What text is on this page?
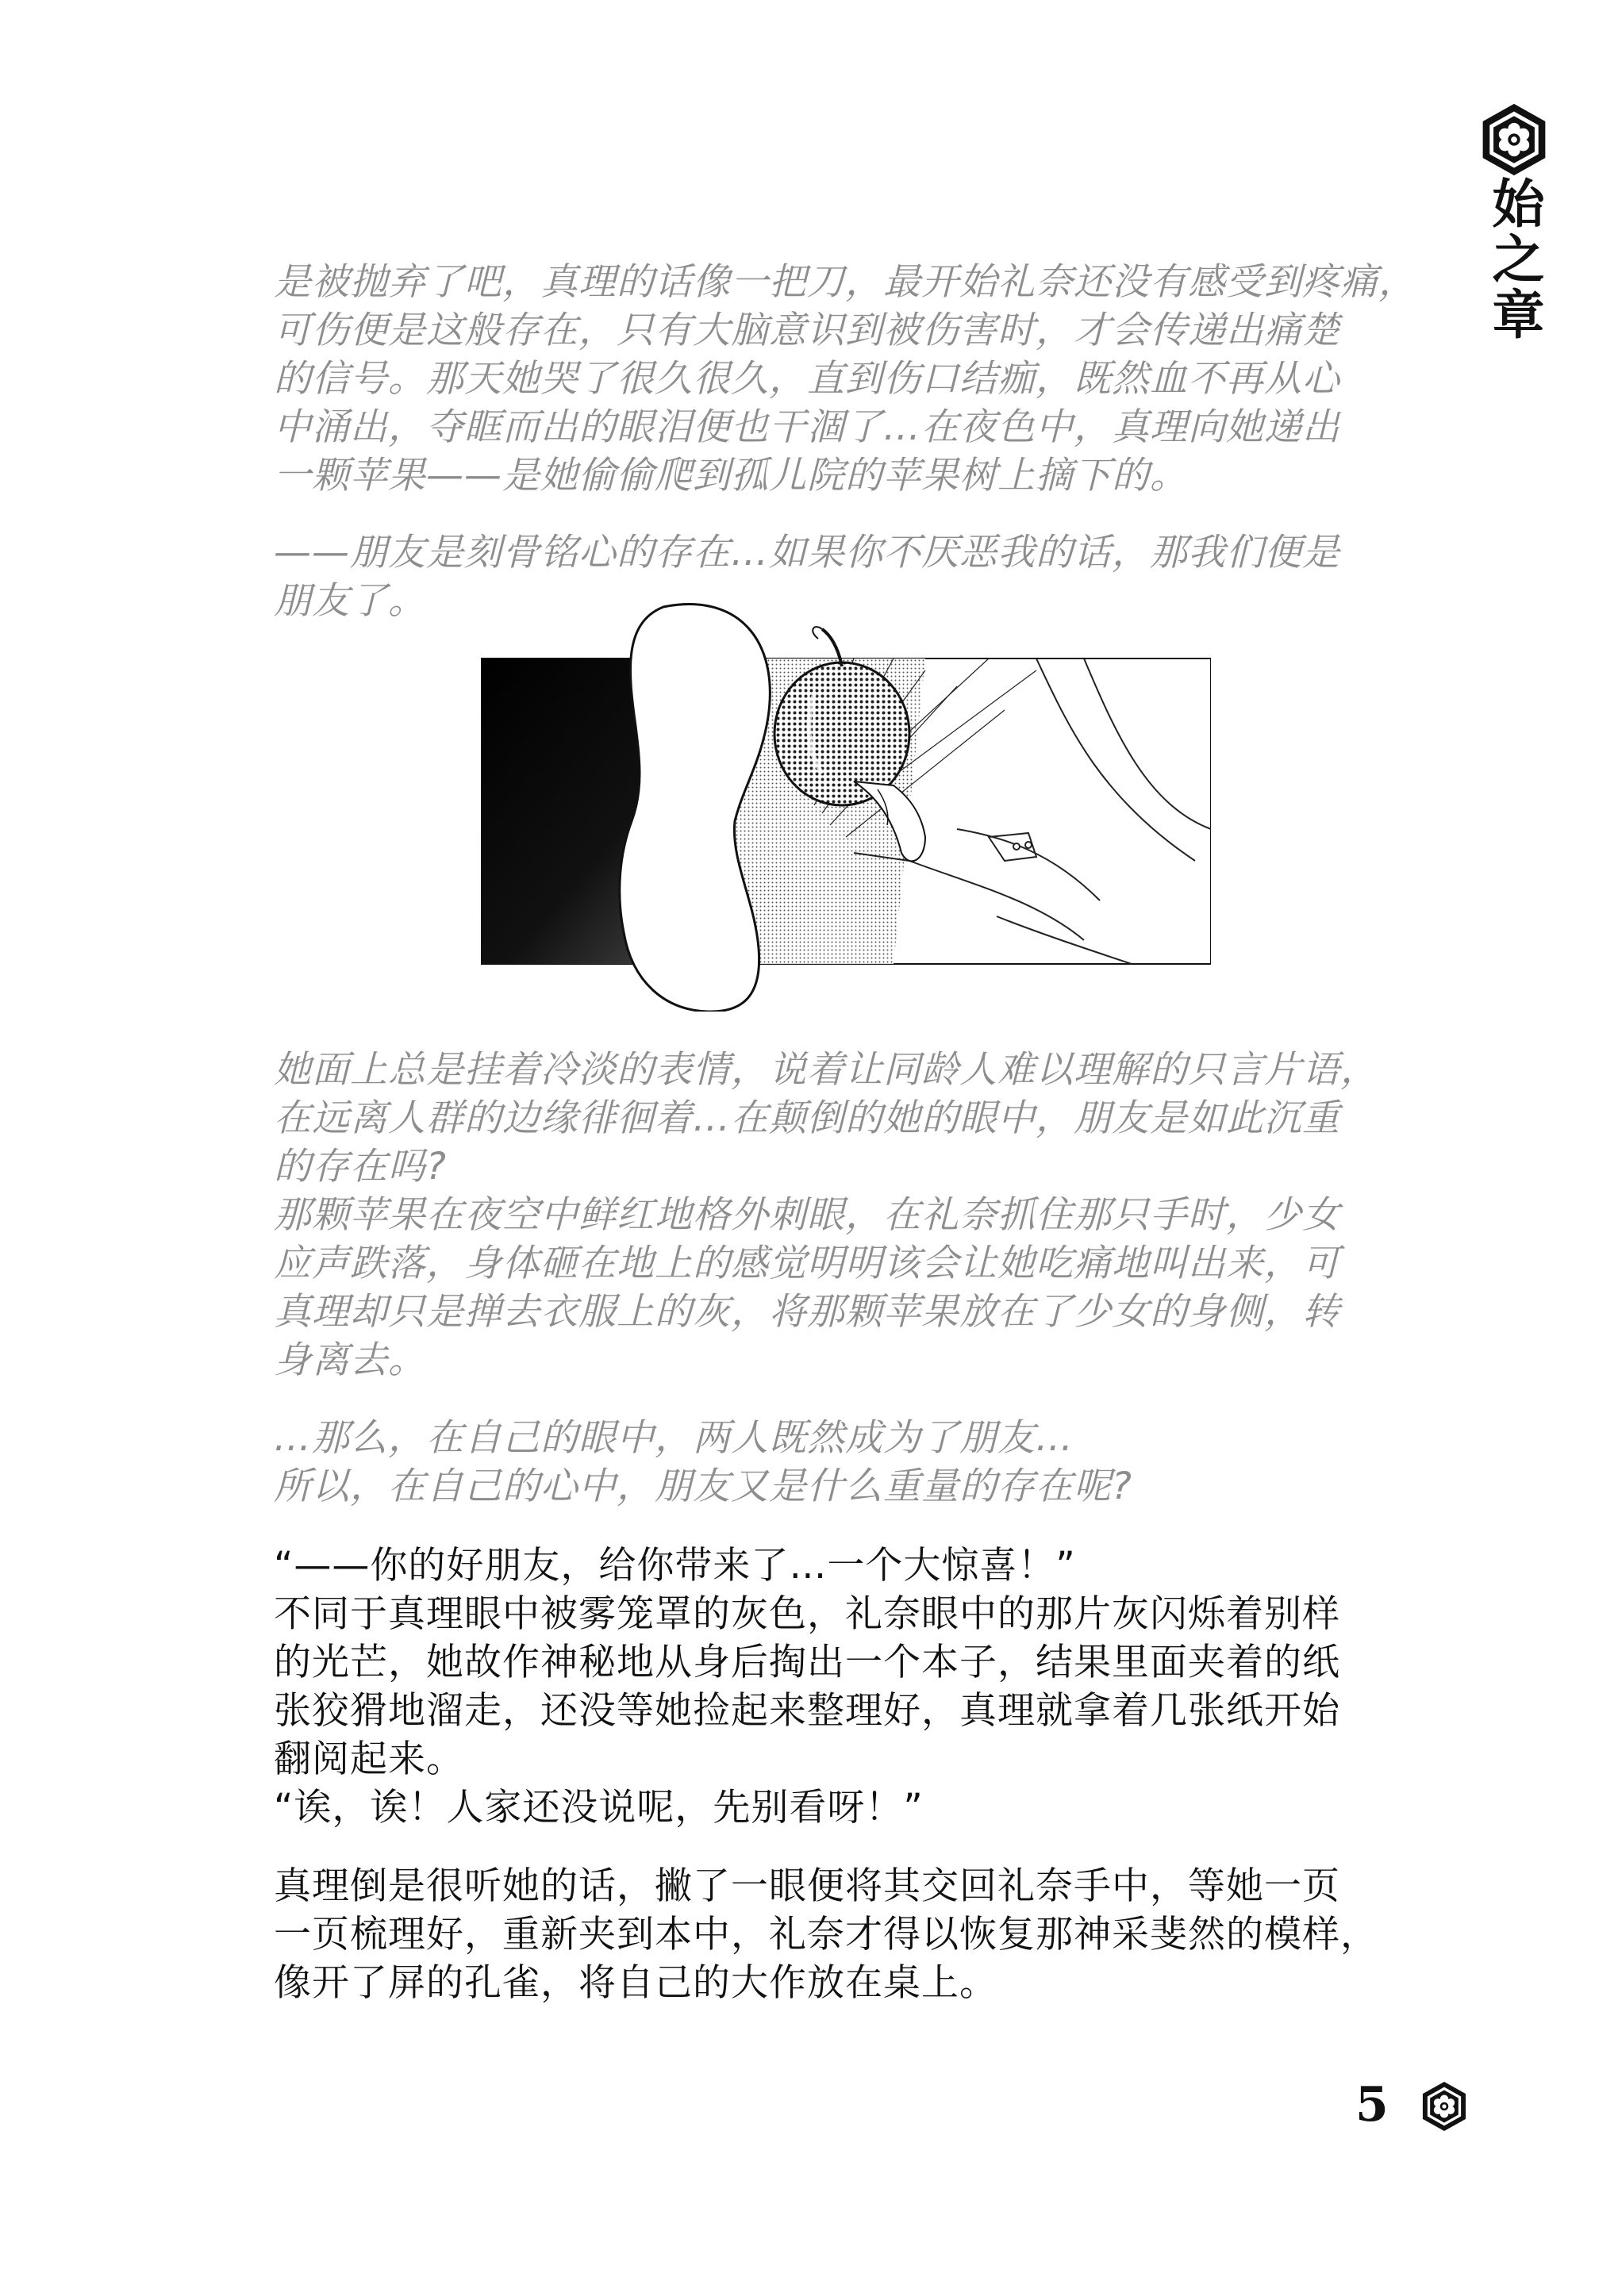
始之章

是被抛弃了吧，真理的话像一把刀，最开始礼奈还没有感受到疼痛，
可伤便是这般存在，只有大脑意识到被伤害时，才会传递出痛楚
的信号。那天她哭了很久很久，直到伤口结痂，既然血不再从心
中涌出，夺眶而出的眼泪便也干涸了…在夜色中，真理向她递出
一颗苹果——是她偷偷爬到孤儿院的苹果树上摘下的。

——朋友是刻骨铭心的存在…如果你不厌恶我的话，那我们便是
朋友了。

她面上总是挂着冷淡的表情，说着让同龄人难以理解的只言片语，
在远离人群的边缘徘徊着…在颠倒的她的眼中，朋友是如此沉重
的存在吗?
那颗苹果在夜空中鲜红地格外刺眼，在礼奈抓住那只手时，少女
应声跌落，身体砸在地上的感觉明明该会让她吃痛地叫出来，可
真理却只是掸去衣服上的灰，将那颗苹果放在了少女的身侧，转
身离去。

…那么，在自己的眼中，两人既然成为了朋友…
所以，在自己的心中，朋友又是什么重量的存在呢?

“——你的好朋友，给你带来了…一个大惊喜！”
不同于真理眼中被雾笼罩的灰色，礼奈眼中的那片灰闪烁着别样
的光芒，她故作神秘地从身后掏出一个本子，结果里面夹着的纸
张狡猾地溜走，还没等她捡起来整理好，真理就拿着几张纸开始
翻阅起来。
“诶，诶！人家还没说呢，先别看呀！”

真理倒是很听她的话，撇了一眼便将其交回礼奈手中，等她一页
一页梳理好，重新夹到本中，礼奈才得以恢复那神采斐然的模样，
像开了屏的孔雀，将自己的大作放在桌上。

5
